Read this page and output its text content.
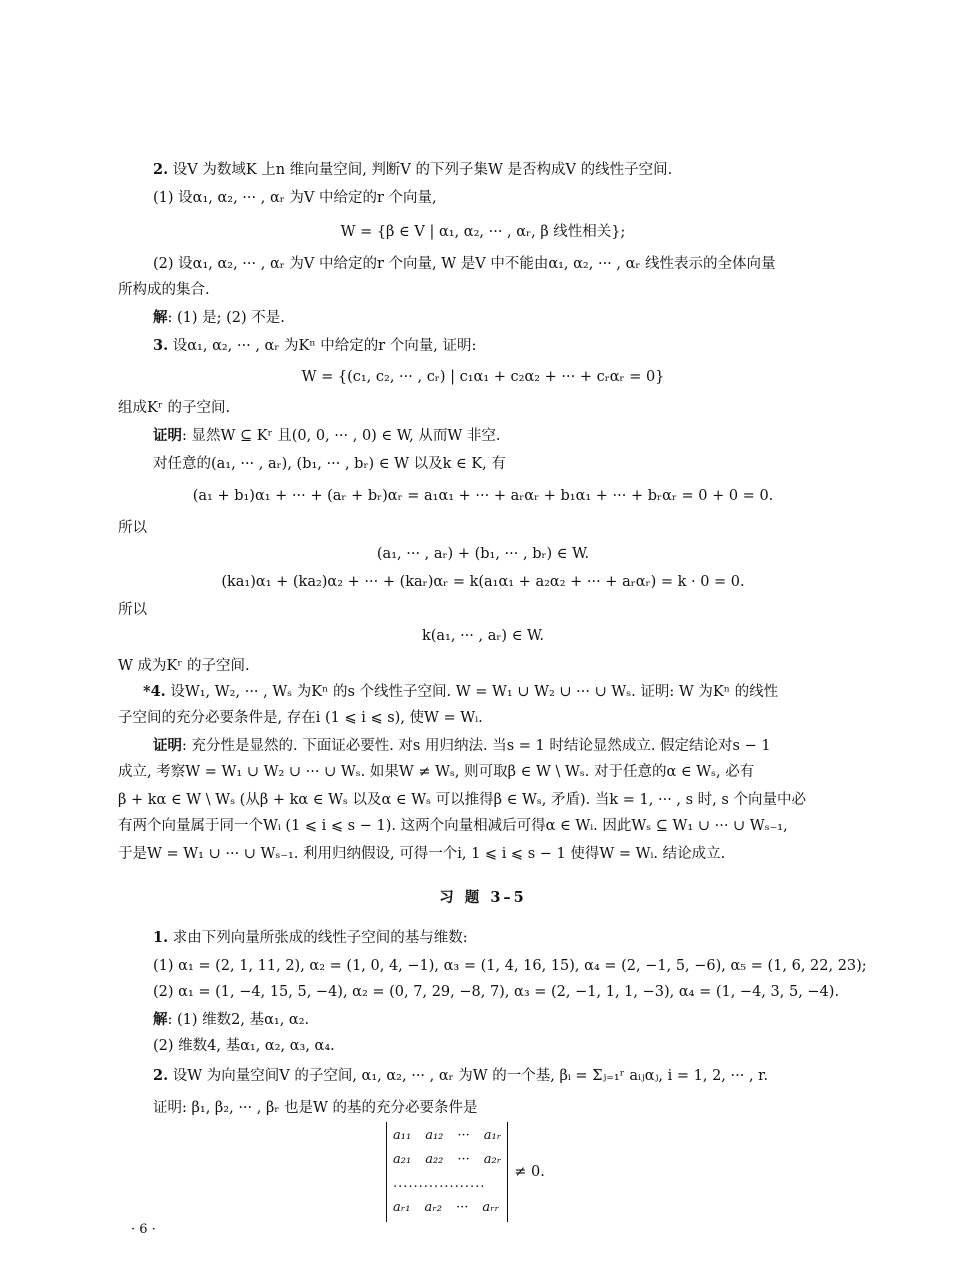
2. 设V 为数域K 上n 维向量空间, 判断V 的下列子集W 是否构成V 的线性子空间.
(1) 设α₁, α₂, ··· , αᵣ 为V 中给定的r 个向量,
W = {β ∈ V | α₁, α₂, ··· , αᵣ, β 线性相关};
(2) 设α₁, α₂, ··· , αᵣ 为V 中给定的r 个向量, W 是V 中不能由α₁, α₂, ··· , αᵣ 线性表示的全体向量
所构成的集合.
解: (1) 是; (2) 不是.
3. 设α₁, α₂, ··· , αᵣ 为Kⁿ 中给定的r 个向量, 证明:
W = {(c₁, c₂, ··· , cᵣ) | c₁α₁ + c₂α₂ + ··· + cᵣαᵣ = 0}
组成Kʳ 的子空间.
证明: 显然W ⊆ Kʳ 且(0, 0, ··· , 0) ∈ W, 从而W 非空.
对任意的(a₁, ··· , aᵣ), (b₁, ··· , bᵣ) ∈ W 以及k ∈ K, 有
(a₁ + b₁)α₁ + ··· + (aᵣ + bᵣ)αᵣ = a₁α₁ + ··· + aᵣαᵣ + b₁α₁ + ··· + bᵣαᵣ = 0 + 0 = 0.
所以
(a₁, ··· , aᵣ) + (b₁, ··· , bᵣ) ∈ W.
(ka₁)α₁ + (ka₂)α₂ + ··· + (kaᵣ)αᵣ = k(a₁α₁ + a₂α₂ + ··· + aᵣαᵣ) = k · 0 = 0.
所以
k(a₁, ··· , aᵣ) ∈ W.
W 成为Kʳ 的子空间.
*4. 设W₁, W₂, ··· , Wₛ 为Kⁿ 的s 个线性子空间. W = W₁ ∪ W₂ ∪ ··· ∪ Wₛ. 证明: W 为Kⁿ 的线性
子空间的充分必要条件是, 存在i (1 ⩽ i ⩽ s), 使W = Wᵢ.
证明: 充分性是显然的. 下面证必要性. 对s 用归纳法. 当s = 1 时结论显然成立. 假定结论对s − 1
成立, 考察W = W₁ ∪ W₂ ∪ ··· ∪ Wₛ. 如果W ≠ Wₛ, 则可取β ∈ W \ Wₛ. 对于任意的α ∈ Wₛ, 必有
β + kα ∈ W \ Wₛ (从β + kα ∈ Wₛ 以及α ∈ Wₛ 可以推得β ∈ Wₛ, 矛盾). 当k = 1, ··· , s 时, s 个向量中必
有两个向量属于同一个Wᵢ (1 ⩽ i ⩽ s − 1). 这两个向量相减后可得α ∈ Wᵢ. 因此Wₛ ⊆ W₁ ∪ ··· ∪ Wₛ₋₁,
于是W = W₁ ∪ ··· ∪ Wₛ₋₁. 利用归纳假设, 可得一个i, 1 ⩽ i ⩽ s − 1 使得W = Wᵢ. 结论成立.
习 题 3–5
1. 求由下列向量所张成的线性子空间的基与维数:
(1) α₁ = (2, 1, 11, 2), α₂ = (1, 0, 4, −1), α₃ = (1, 4, 16, 15), α₄ = (2, −1, 5, −6), α₅ = (1, 6, 22, 23);
(2) α₁ = (1, −4, 15, 5, −4), α₂ = (0, 7, 29, −8, 7), α₃ = (2, −1, 1, 1, −3), α₄ = (1, −4, 3, 5, −4).
解: (1) 维数2, 基α₁, α₂.
(2) 维数4, 基α₁, α₂, α₃, α₄.
2. 设W 为向量空间V 的子空间, α₁, α₂, ··· , αᵣ 为W 的一个基, βᵢ = Σⱼ₌₁ʳ aᵢⱼαⱼ, i = 1, 2, ··· , r.
证明: β₁, β₂, ··· , βᵣ 也是W 的基的充分必要条件是
a₁₁ a₁₂ ··· a₁ᵣ
a₂₁ a₂₂ ··· a₂ᵣ
..................
aᵣ₁ aᵣ₂ ··· aᵣᵣ
≠ 0.
· 6 ·
